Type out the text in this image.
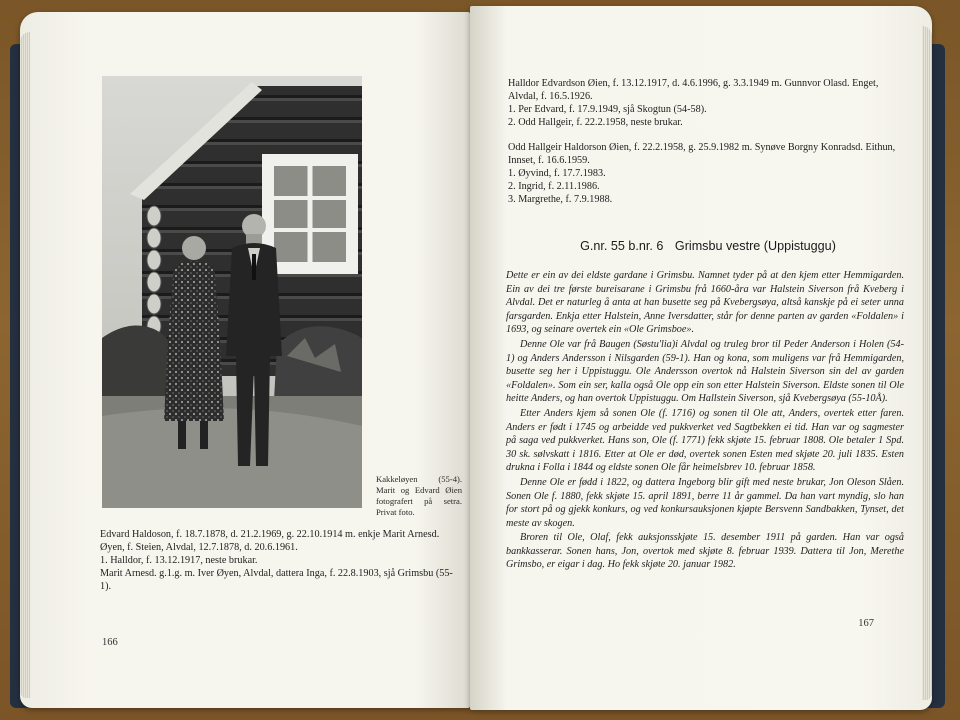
Kakkeløyen (55-4). Marit og Edvard Øien fotografert på setra. Privat foto.

Edvard Haldoson, f. 18.7.1878, d. 21.2.1969, g. 22.10.1914 m. enkje Marit Arnesd. Øyen, f. Steien, Alvdal, 12.7.1878, d. 20.6.1961.

1. Halldor, f. 13.12.1917, neste brukar.

Marit Arnesd. g.1.g. m. Iver Øyen, Alvdal, dattera Inga, f. 22.8.1903, sjå Grimsbu (55-1).

166

Halldor Edvardson Øien, f. 13.12.1917, d. 4.6.1996, g. 3.3.1949 m. Gunnvor Olasd. Enget, Alvdal, f. 16.5.1926.

1. Per Edvard, f. 17.9.1949, sjå Skogtun (54-58).

2. Odd Hallgeir, f. 22.2.1958, neste brukar.

Odd Hallgeir Haldorson Øien, f. 22.2.1958, g. 25.9.1982 m. Synøve Borgny Konradsd. Eithun, Innset, f. 16.6.1959.

1. Øyvind, f. 17.7.1983.

2. Ingrid, f. 2.11.1986.

3. Margrethe, f. 7.9.1988.

G.nr. 55 b.nr. 6 Grimsbu vestre (Uppistuggu)

Dette er ein av dei eldste gardane i Grimsbu. Namnet tyder på at den kjem etter Hemmigarden. Ein av dei tre første bureisarane i Grimsbu frå 1660-åra var Halstein Siverson frå Kveberg i Alvdal. Det er naturleg å anta at han busette seg på Kvebergsøya, altså kanskje på ei seter unna farsgarden. Enkja etter Halstein, Anne Iversdatter, står for denne parten av garden «Foldalen» i 1693, og seinare overtek ein «Ole Grimsboe».

Denne Ole var frå Baugen (Søstu'lia)i Alvdal og truleg bror til Peder Anderson i Holen (54-1) og Anders Andersson i Nilsgarden (59-1). Han og kona, som muligens var frå Hemmigarden, busette seg her i Uppistuggu. Ole Andersson overtok nå Halstein Siverson sin del av garden «Foldalen». Som ein ser, kalla også Ole opp ein son etter Halstein Siverson. Eldste sonen til Ole heitte Anders, og han overtok Uppistuggu. Om Hallstein Siverson, sjå Kvebergsøya (55-10Å).

Etter Anders kjem så sonen Ole (f. 1716) og sonen til Ole att, Anders, overtek etter faren. Anders er født i 1745 og arbeidde ved pukkverket ved Sagtbekken ei tid. Han var og sagmester på saga ved pukkverket. Hans son, Ole (f. 1771) fekk skjøte 15. februar 1808. Ole betaler 1 Spd. 30 sk. sølvskatt i 1816. Etter at Ole er død, overtek sonen Esten med skjøte 20. juli 1835. Esten drukna i Folla i 1844 og eldste sonen Ole får heimelsbrev 10. februar 1858.

Denne Ole er fødd i 1822, og dattera Ingeborg blir gift med neste brukar, Jon Oleson Slåen. Sonen Ole f. 1880, fekk skjøte 15. april 1891, berre 11 år gammel. Da han vart myndig, slo han for stort på og gjekk konkurs, og ved konkursauksjonen kjøpte Bersvenn Sandbakken, Tynset, det meste av skogen.

Broren til Ole, Olaf, fekk auksjonsskjøte 15. desember 1911 på garden. Han var også bankkasserar. Sonen hans, Jon, overtok med skjøte 8. februar 1939. Dattera til Jon, Merethe Grimsbo, er eigar i dag. Ho fekk skjøte 20. januar 1982.

167
